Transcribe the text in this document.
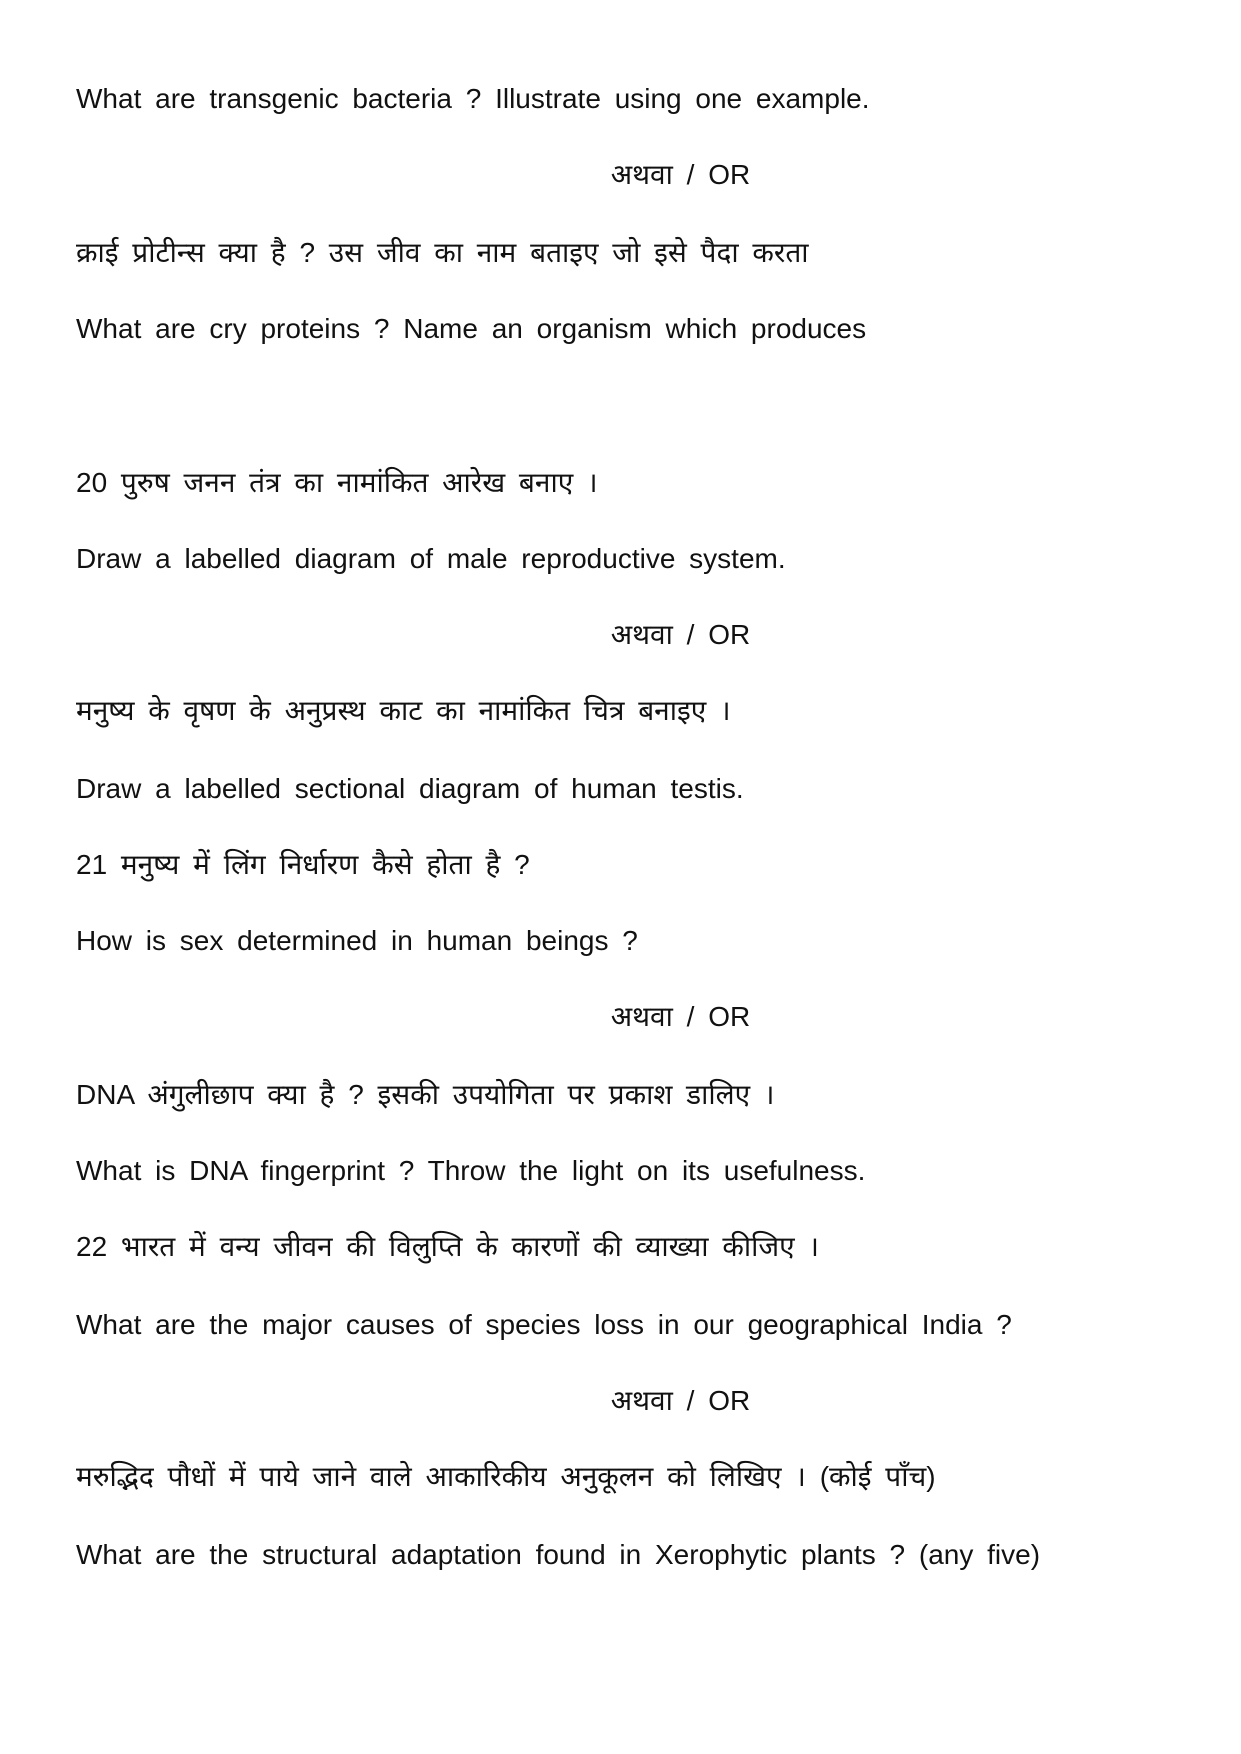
What are transgenic bacteria ? Illustrate using one example.
अथवा / OR
क्राई प्रोटीन्स क्या है ? उस जीव का नाम बताइए जो इसे पैदा करता
What are cry proteins ? Name an organism which produces
20 पुरुष जनन तंत्र का नामांकित आरेख बनाए ।
Draw a labelled diagram of male reproductive system.
अथवा / OR
मनुष्य के वृषण के अनुप्रस्थ काट का नामांकित चित्र बनाइए ।
Draw a labelled sectional diagram of human testis.
21 मनुष्य में लिंग निर्धारण कैसे होता है ?
How is sex determined in human beings ?
अथवा / OR
DNA अंगुलीछाप क्या है ? इसकी उपयोगिता पर प्रकाश डालिए ।
What is DNA fingerprint ? Throw the light on its usefulness.
22 भारत में वन्य जीवन की विलुप्ति के कारणों की व्याख्या कीजिए ।
What are the major causes of species loss in our geographical India ?
अथवा / OR
मरुद्भिद पौधों में पाये जाने वाले आकारिकीय अनुकूलन को लिखिए । (कोई पाँच)
What are the structural adaptation found in Xerophytic plants ? (any five)
